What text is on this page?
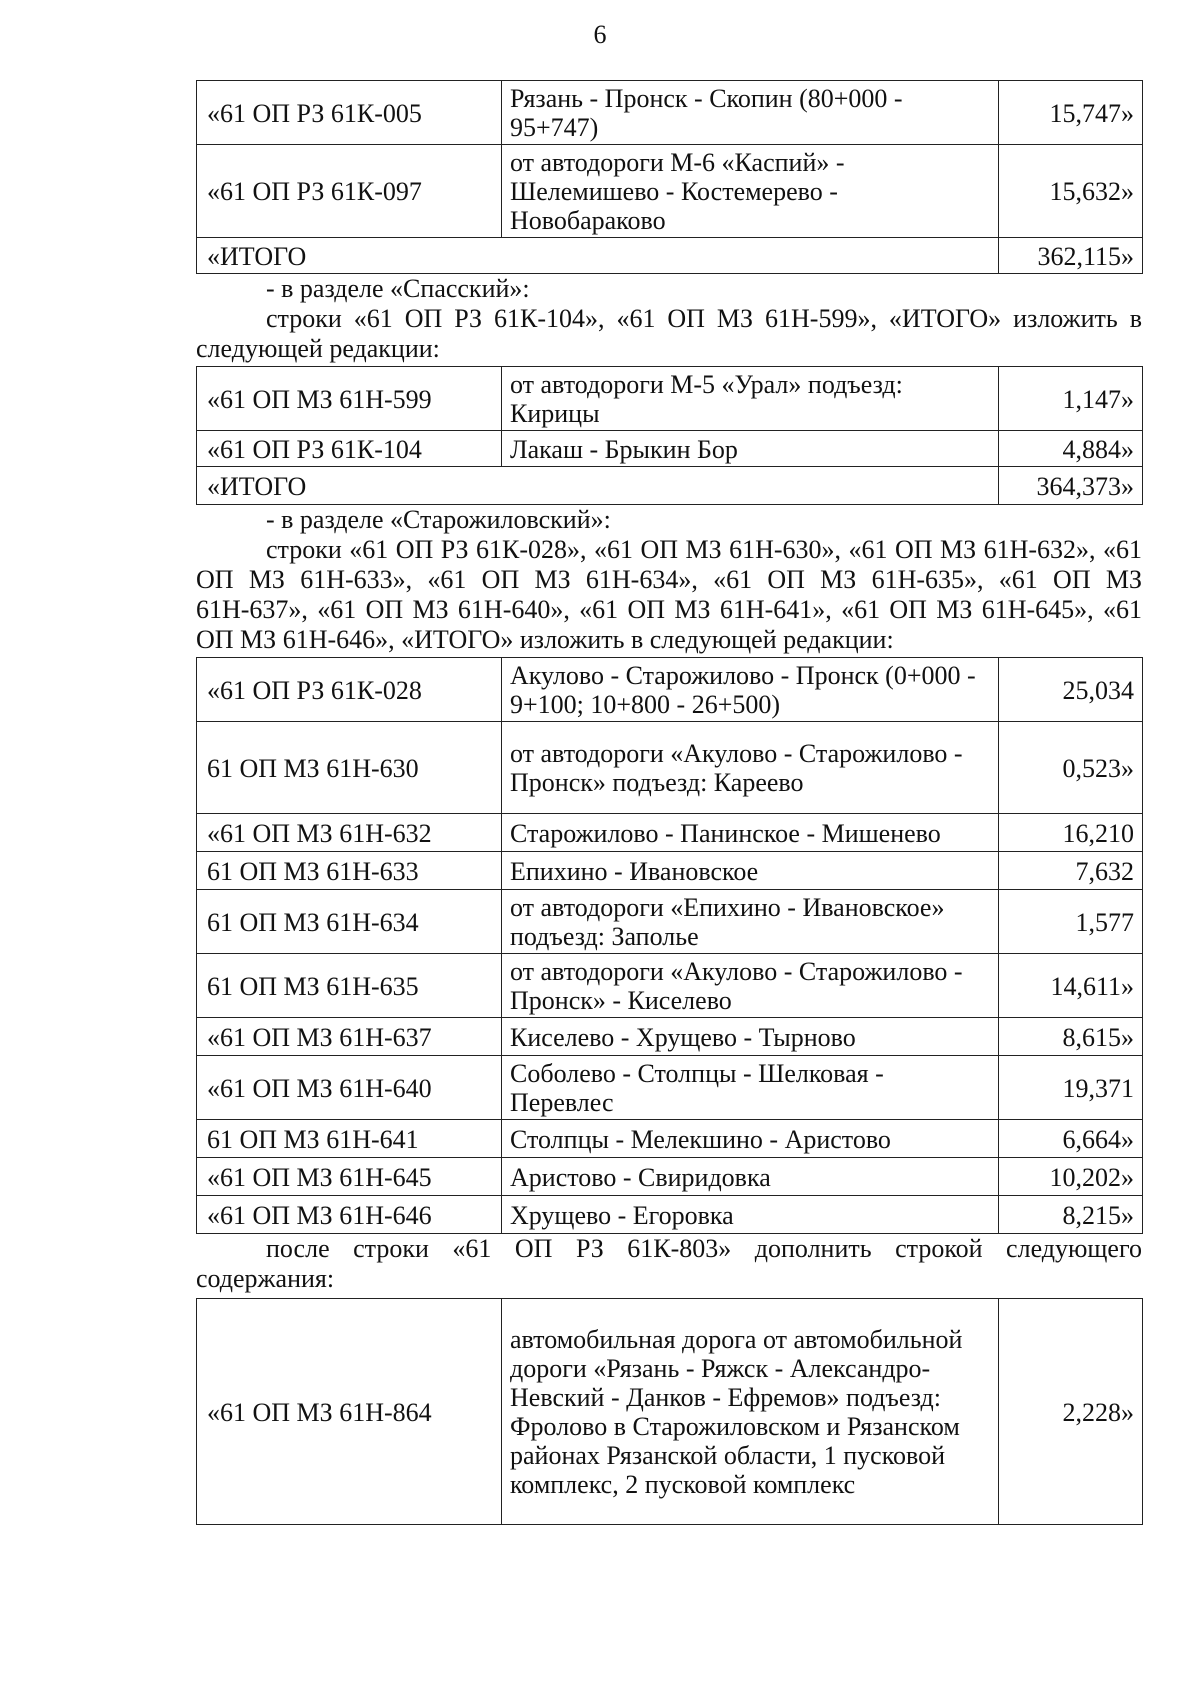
6
«61 ОП РЗ 61К-005	Рязань - Пронск - Скопин (80+000 - 95+747)	15,747»
«61 ОП РЗ 61К-097	от автодороги М-6 «Каспий» - Шелемишево - Костемерево - Новобараково	15,632»
«ИТОГО		362,115»

- в разделе «Спасский»:

строки «61 ОП РЗ 61К-104», «61 ОП МЗ 61Н-599», «ИТОГО» изложить в следующей редакции:

«61 ОП МЗ 61Н-599	от автодороги М-5 «Урал» подъезд: Кирицы	1,147»
«61 ОП РЗ 61К-104	Лакаш - Брыкин Бор	4,884»
«ИТОГО		364,373»

- в разделе «Старожиловский»:

строки «61 ОП РЗ 61К-028», «61 ОП МЗ 61Н-630», «61 ОП МЗ 61Н-632», «61 ОП МЗ 61Н-633», «61 ОП МЗ 61Н-634», «61 ОП МЗ 61Н-635», «61 ОП МЗ 61Н-637», «61 ОП МЗ 61Н-640», «61 ОП МЗ 61Н-641», «61 ОП МЗ 61Н-645», «61 ОП МЗ 61Н-646», «ИТОГО» изложить в следующей редакции:

«61 ОП РЗ 61К-028	Акулово - Старожилово - Пронск (0+000 - 9+100; 10+800 - 26+500)	25,034
61 ОП МЗ 61Н-630	от автодороги «Акулово - Старожилово - Пронск» подъезд: Кареево	0,523»
«61 ОП МЗ 61Н-632	Старожилово - Панинское - Мишенево	16,210
61 ОП МЗ 61Н-633	Епихино - Ивановское	7,632
61 ОП МЗ 61Н-634	от автодороги «Епихино - Ивановское» подъезд: Заполье	1,577
61 ОП МЗ 61Н-635	от автодороги «Акулово - Старожилово - Пронск» - Киселево	14,611»
«61 ОП МЗ 61Н-637	Киселево - Хрущево - Тырново	8,615»
«61 ОП МЗ 61Н-640	Соболево - Столпцы - Шелковая - Перевлес	19,371
61 ОП МЗ 61Н-641	Столпцы - Мелекшино - Аристово	6,664»
«61 ОП МЗ 61Н-645	Аристово - Свиридовка	10,202»
«61 ОП МЗ 61Н-646	Хрущево - Егоровка	8,215»

после строки «61 ОП РЗ 61К-803» дополнить строкой следующего содержания:

«61 ОП МЗ 61Н-864	автомобильная дорога от автомобильной дороги «Рязань - Ряжск - Александро-Невский - Данков - Ефремов» подъезд: Фролово в Старожиловском и Рязанском районах Рязанской области, 1 пусковой комплекс, 2 пусковой комплекс	2,228»
